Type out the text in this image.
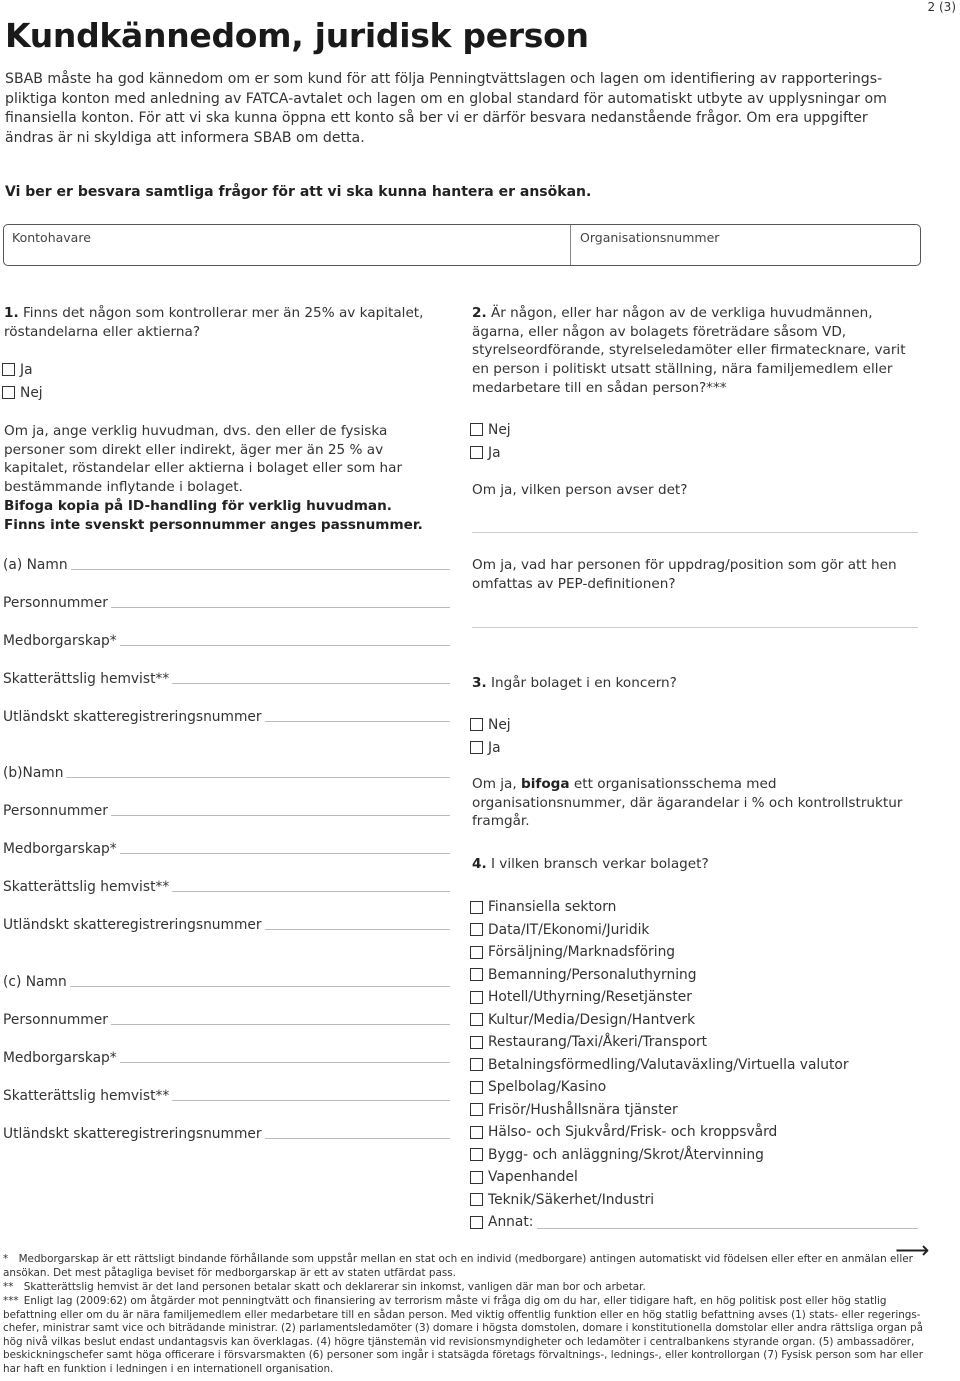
Kundkännedom, juridisk person
2 (3)
SBAB måste ha god kännedom om er som kund för att följa Penningtvättslagen och lagen om identifiering av rapporterings-pliktiga konton med anledning av FATCA-avtalet och lagen om en global standard för automatiskt utbyte av upplysningar om finansiella konton. För att vi ska kunna öppna ett konto så ber vi er därför besvara nedanstående frågor. Om era uppgifter ändras är ni skyldiga att informera SBAB om detta.
Vi ber er besvara samtliga frågor för att vi ska kunna hantera er ansökan.
Kontohavare	Organisationsnummer
1. Finns det någon som kontrollerar mer än 25% av kapitalet, röstandelarna eller aktierna?
Ja
Nej
Om ja, ange verklig huvudman, dvs. den eller de fysiska personer som direkt eller indirekt, äger mer än 25 % av kapitalet, röstandelar eller aktierna i bolaget eller som har bestämmande inflytande i bolaget.
Bifoga kopia på ID-handling för verklig huvudman.
Finns inte svenskt personnummer anges passnummer.
(a) Namn
Personnummer
Medborgarskap*
Skatterättslig hemvist**
Utländskt skatteregistreringsnummer
(b)Namn
Personnummer
Medborgarskap*
Skatterättslig hemvist**
Utländskt skatteregistreringsnummer
(c) Namn
Personnummer
Medborgarskap*
Skatterättslig hemvist**
Utländskt skatteregistreringsnummer
2. Är någon, eller har någon av de verkliga huvudmännen, ägarna, eller någon av bolagets företrädare såsom VD, styrelseordförande, styrelseledamöter eller firmatecknare, varit en person i politiskt utsatt ställning, nära familjemedlem eller medarbetare till en sådan person?***
Nej
Ja
Om ja, vilken person avser det?
Om ja, vad har personen för uppdrag/position som gör att hen omfattas av PEP-definitionen?
3. Ingår bolaget i en koncern?
Nej
Ja
Om ja, bifoga ett organisationsschema med organisationsnummer, där ägarandelar i % och kontrollstruktur framgår.
4. I vilken bransch verkar bolaget?
Finansiella sektorn
Data/IT/Ekonomi/Juridik
Försäljning/Marknadsföring
Bemanning/Personaluthyrning
Hotell/Uthyrning/Resetjänster
Kultur/Media/Design/Hantverk
Restaurang/Taxi/Åkeri/Transport
Betalningsförmedling/Valutaväxling/Virtuella valutor
Spelbolag/Kasino
Frisör/Hushållsnära tjänster
Hälso- och Sjukvård/Frisk- och kroppsvård
Bygg- och anläggning/Skrot/Återvinning
Vapenhandel
Teknik/Säkerhet/Industri
Annat:
⟶
* Medborgarskap är ett rättsligt bindande förhållande som uppstår mellan en stat och en individ (medborgare) antingen automatiskt vid födelsen eller efter en anmälan eller ansökan. Det mest påtagliga beviset för medborgarskap är ett av staten utfärdat pass.
** Skatterättslig hemvist är det land personen betalar skatt och deklarerar sin inkomst, vanligen där man bor och arbetar.
*** Enligt lag (2009:62) om åtgärder mot penningtvätt och finansiering av terrorism måste vi fråga dig om du har, eller tidigare haft, en hög politisk post eller hög statlig befattning eller om du är nära familjemedlem eller medarbetare till en sådan person. Med viktig offentlig funktion eller en hög statlig befattning avses (1) stats- eller regerings-chefer, ministrar samt vice och biträdande ministrar. (2) parlamentsledamöter (3) domare i högsta domstolen, domare i konstitutionella domstolar eller andra rättsliga organ på hög nivå vilkas beslut endast undantagsvis kan överklagas. (4) högre tjänstemän vid revisionsmyndigheter och ledamöter i centralbankens styrande organ. (5) ambassadörer, beskickningschefer samt höga officerare i försvarsmakten (6) personer som ingår i statsägda företags förvaltnings-, lednings-, eller kontrollorgan (7) Fysisk person som har eller har haft en funktion i ledningen i en internationell organisation.
